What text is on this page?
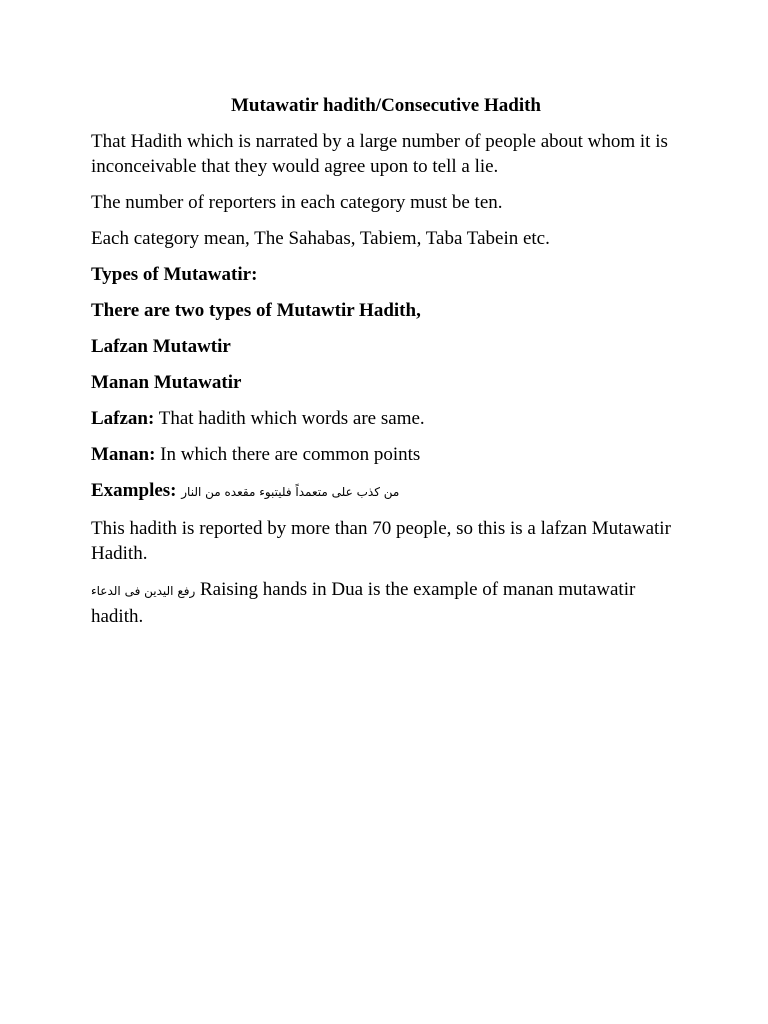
Mutawatir hadith/Consecutive Hadith

That Hadith which is narrated by a large number of people about whom it is inconceivable that they would agree upon to tell a lie.

The number of reporters in each category must be ten.

Each category mean, The Sahabas, Tabiem, Taba Tabein etc.

Types of Mutawatir:

There are two types of Mutawtir Hadith,

Lafzan Mutawtir

Manan Mutawatir

Lafzan: That hadith which words are same.

Manan: In which there are common points

Examples: من كذب على متعمداً فليتبوء مقعده من النار

This hadith is reported by more than 70 people, so this is a lafzan Mutawatir Hadith.

رفع اليدين فى الدعاء Raising hands in Dua is the example of manan mutawatir hadith.
